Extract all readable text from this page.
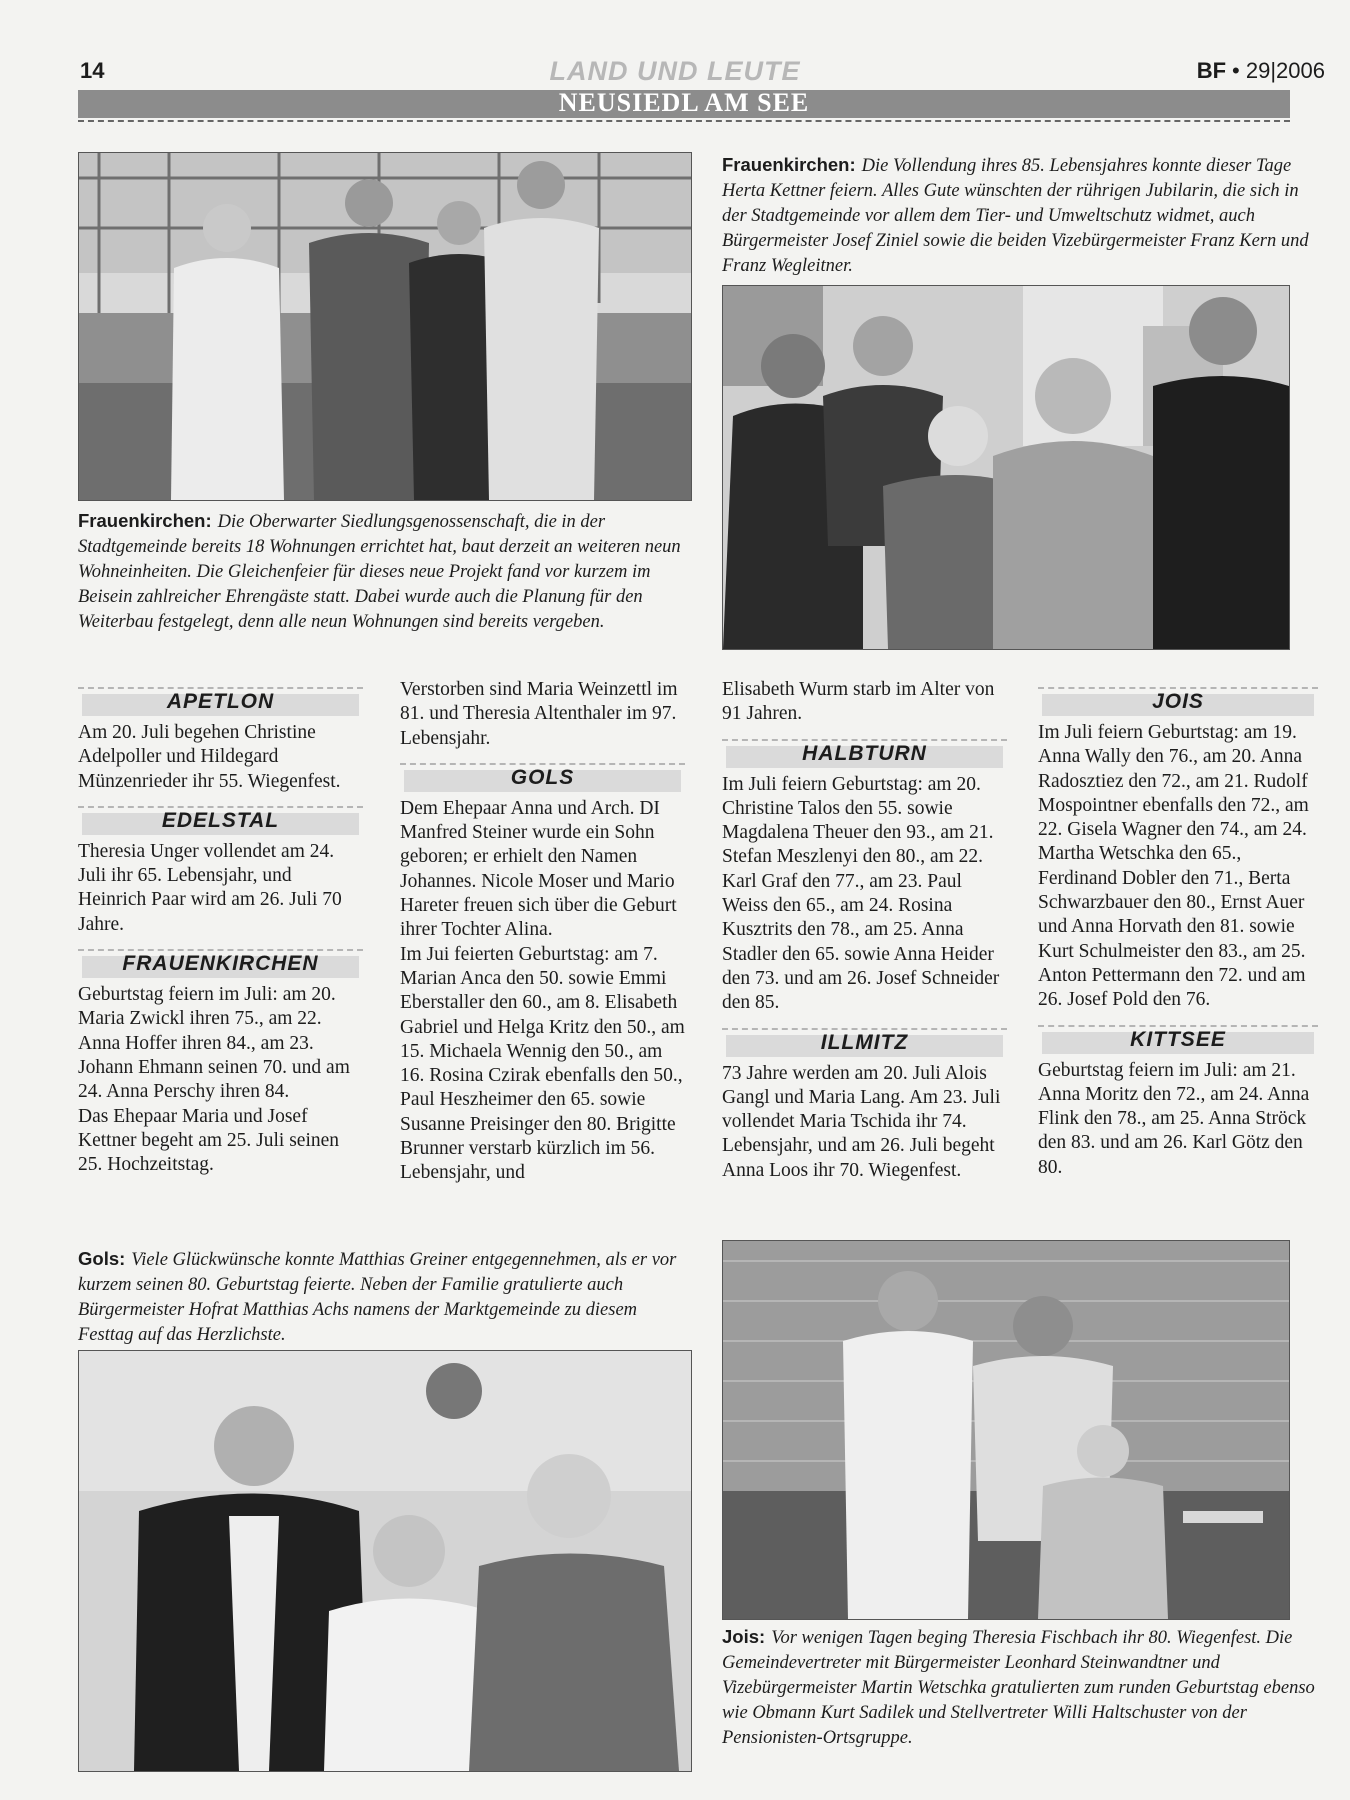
14	LAND UND LEUTE	BF • 29|2006
NEUSIEDL AM SEE
Frauenkirchen: Die Oberwarter Siedlungsgenossenschaft, die in der Stadtgemeinde bereits 18 Wohnungen errichtet hat, baut derzeit an weiteren neun Wohneinheiten. Die Gleichenfeier für dieses neue Projekt fand vor kurzem im Beisein zahlreicher Ehrengäste statt. Dabei wurde auch die Planung für den Weiterbau festgelegt, denn alle neun Wohnungen sind bereits vergeben.
Frauenkirchen: Die Vollendung ihres 85. Lebensjahres konnte dieser Tage Herta Kettner feiern. Alles Gute wünschten der rührigen Jubilarin, die sich in der Stadtgemeinde vor allem dem Tier- und Umweltschutz widmet, auch Bürgermeister Josef Ziniel sowie die beiden Vizebürgermeister Franz Kern und Franz Wegleitner.
APETLON

Am 20. Juli begehen Christine Adelpoller und Hildegard Münzenrieder ihr 55. Wiegenfest.

EDELSTAL

Theresia Unger vollendet am 24. Juli ihr 65. Lebensjahr, und Heinrich Paar wird am 26. Juli 70 Jahre.

FRAUENKIRCHEN

Geburtstag feiern im Juli: am 20. Maria Zwickl ihren 75., am 22. Anna Hoffer ihren 84., am 23. Johann Ehmann seinen 70. und am 24. Anna Perschy ihren 84.

Das Ehepaar Maria und Josef Kettner begeht am 25. Juli seinen 25. Hochzeitstag.

Verstorben sind Maria Weinzettl im 81. und Theresia Altenthaler im 97. Lebensjahr.

GOLS

Dem Ehepaar Anna und Arch. DI Manfred Steiner wurde ein Sohn geboren; er erhielt den Namen Johannes. Nicole Moser und Mario Hareter freuen sich über die Geburt ihrer Tochter Alina.

Im Jui feierten Geburtstag: am 7. Marian Anca den 50. sowie Emmi Eberstaller den 60., am 8. Elisabeth Gabriel und Helga Kritz den 50., am 15. Michaela Wennig den 50., am 16. Rosina Czirak ebenfalls den 50., Paul Heszheimer den 65. sowie Susanne Preisinger den 80. Brigitte Brunner verstarb kürzlich im 56. Lebensjahr, und

Elisabeth Wurm starb im Alter von 91 Jahren.

HALBTURN

Im Juli feiern Geburtstag: am 20. Christine Talos den 55. sowie Magdalena Theuer den 93., am 21. Stefan Meszlenyi den 80., am 22. Karl Graf den 77., am 23. Paul Weiss den 65., am 24. Rosina Kusztrits den 78., am 25. Anna Stadler den 65. sowie Anna Heider den 73. und am 26. Josef Schneider den 85.

ILLMITZ

73 Jahre werden am 20. Juli Alois Gangl und Maria Lang. Am 23. Juli vollendet Maria Tschida ihr 74. Lebensjahr, und am 26. Juli begeht Anna Loos ihr 70. Wiegenfest.

JOIS

Im Juli feiern Geburtstag: am 19. Anna Wally den 76., am 20. Anna Radosztiez den 72., am 21. Rudolf Mospointner ebenfalls den 72., am 22. Gisela Wagner den 74., am 24. Martha Wetschka den 65., Ferdinand Dobler den 71., Berta Schwarzbauer den 80., Ernst Auer und Anna Horvath den 81. sowie Kurt Schulmeister den 83., am 25. Anton Pettermann den 72. und am 26. Josef Pold den 76.

KITTSEE

Geburtstag feiern im Juli: am 21. Anna Moritz den 72., am 24. Anna Flink den 78., am 25. Anna Ströck den 83. und am 26. Karl Götz den 80.

Gols: Viele Glückwünsche konnte Matthias Greiner entgegennehmen, als er vor kurzem seinen 80. Geburtstag feierte. Neben der Familie gratulierte auch Bürgermeister Hofrat Matthias Achs namens der Marktgemeinde zu diesem Festtag auf das Herzlichste.
Jois: Vor wenigen Tagen beging Theresia Fischbach ihr 80. Wiegenfest. Die Gemeindevertreter mit Bürgermeister Leonhard Steinwandtner und Vizebürgermeister Martin Wetschka gratulierten zum runden Geburtstag ebenso wie Obmann Kurt Sadilek und Stellvertreter Willi Haltschuster von der Pensionisten-Ortsgruppe.
